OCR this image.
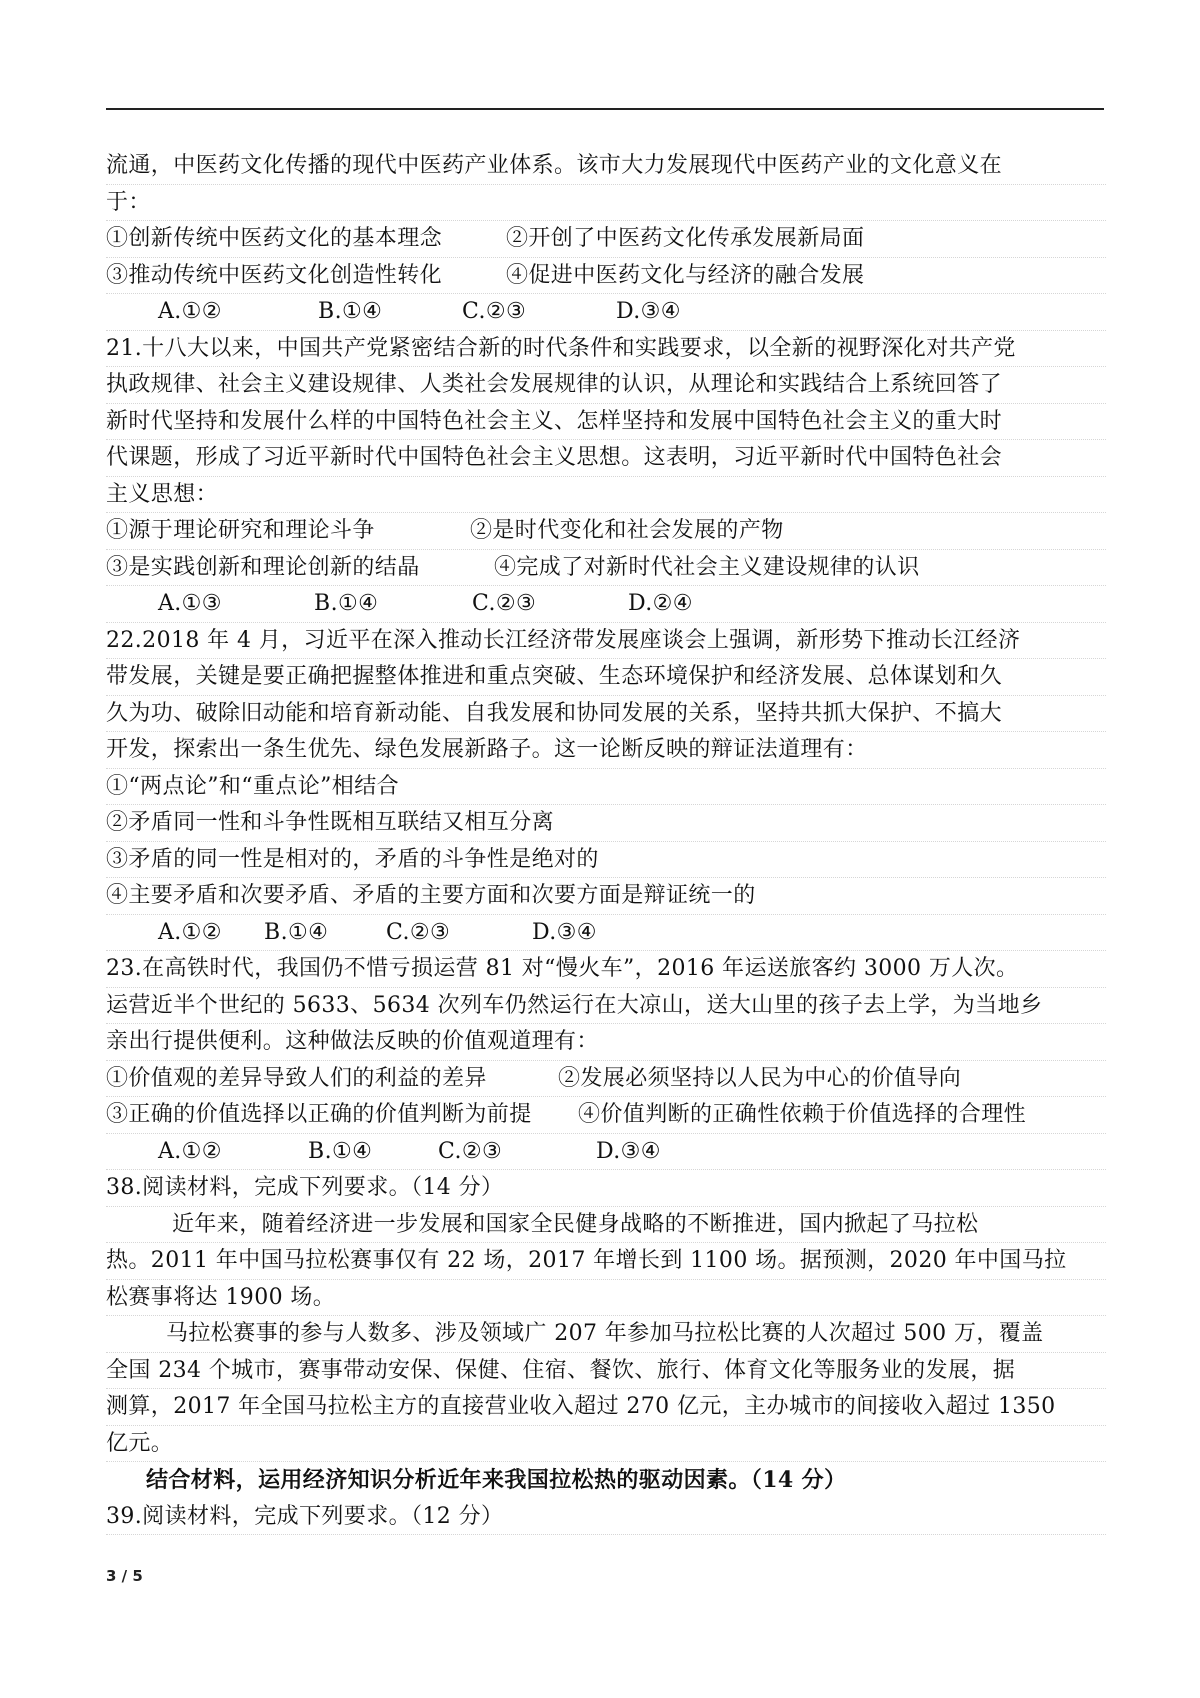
流通，中医药文化传播的现代中医药产业体系。该市大力发展现代中医药产业的文化意义在
于：
①创新传统中医药文化的基本理念	②开创了中医药文化传承发展新局面
③推动传统中医药文化创造性转化	④促进中医药文化与经济的融合发展
A.①②	B.①④	C.②③	D.③④
21.十八大以来，中国共产党紧密结合新的时代条件和实践要求，以全新的视野深化对共产党
执政规律、社会主义建设规律、人类社会发展规律的认识，从理论和实践结合上系统回答了
新时代坚持和发展什么样的中国特色社会主义、怎样坚持和发展中国特色社会主义的重大时
代课题，形成了习近平新时代中国特色社会主义思想。这表明，习近平新时代中国特色社会
主义思想：
①源于理论研究和理论斗争	②是时代变化和社会发展的产物
③是实践创新和理论创新的结晶	④完成了对新时代社会主义建设规律的认识
A.①③	B.①④	C.②③	D.②④
22.2018 年 4 月，习近平在深入推动长江经济带发展座谈会上强调，新形势下推动长江经济
带发展，关键是要正确把握整体推进和重点突破、生态环境保护和经济发展、总体谋划和久
久为功、破除旧动能和培育新动能、自我发展和协同发展的关系，坚持共抓大保护、不搞大
开发，探索出一条生优先、绿色发展新路子。这一论断反映的辩证法道理有：
①“两点论”和“重点论”相结合
②矛盾同一性和斗争性既相互联结又相互分离
③矛盾的同一性是相对的，矛盾的斗争性是绝对的
④主要矛盾和次要矛盾、矛盾的主要方面和次要方面是辩证统一的
A.①② B.①④	C.②③	D.③④
23.在高铁时代，我国仍不惜亏损运营 81 对“慢火车”，2016 年运送旅客约 3000 万人次。
运营近半个世纪的 5633、5634 次列车仍然运行在大凉山，送大山里的孩子去上学，为当地乡
亲出行提供便利。这种做法反映的价值观道理有：
①价值观的差异导致人们的利益的差异	②发展必须坚持以人民为中心的价值导向
③正确的价值选择以正确的价值判断为前提 ④价值判断的正确性依赖于价值选择的合理性
A.①②	B.①④	C.②③	D.③④
38.阅读材料，完成下列要求。（14 分）
近年来，随着经济进一步发展和国家全民健身战略的不断推进，国内掀起了马拉松
热。2011 年中国马拉松赛事仅有 22 场，2017 年增长到 1100 场。据预测，2020 年中国马拉
松赛事将达 1900 场。
马拉松赛事的参与人数多、涉及领域广 207 年参加马拉松比赛的人次超过 500 万，覆盖
全国 234 个城市，赛事带动安保、保健、住宿、餐饮、旅行、体育文化等服务业的发展，据
测算，2017 年全国马拉松主方的直接营业收入超过 270 亿元，主办城市的间接收入超过 1350
亿元。
结合材料，运用经济知识分析近年来我国拉松热的驱动因素。（14 分）
39.阅读材料，完成下列要求。（12 分）
3 / 5
